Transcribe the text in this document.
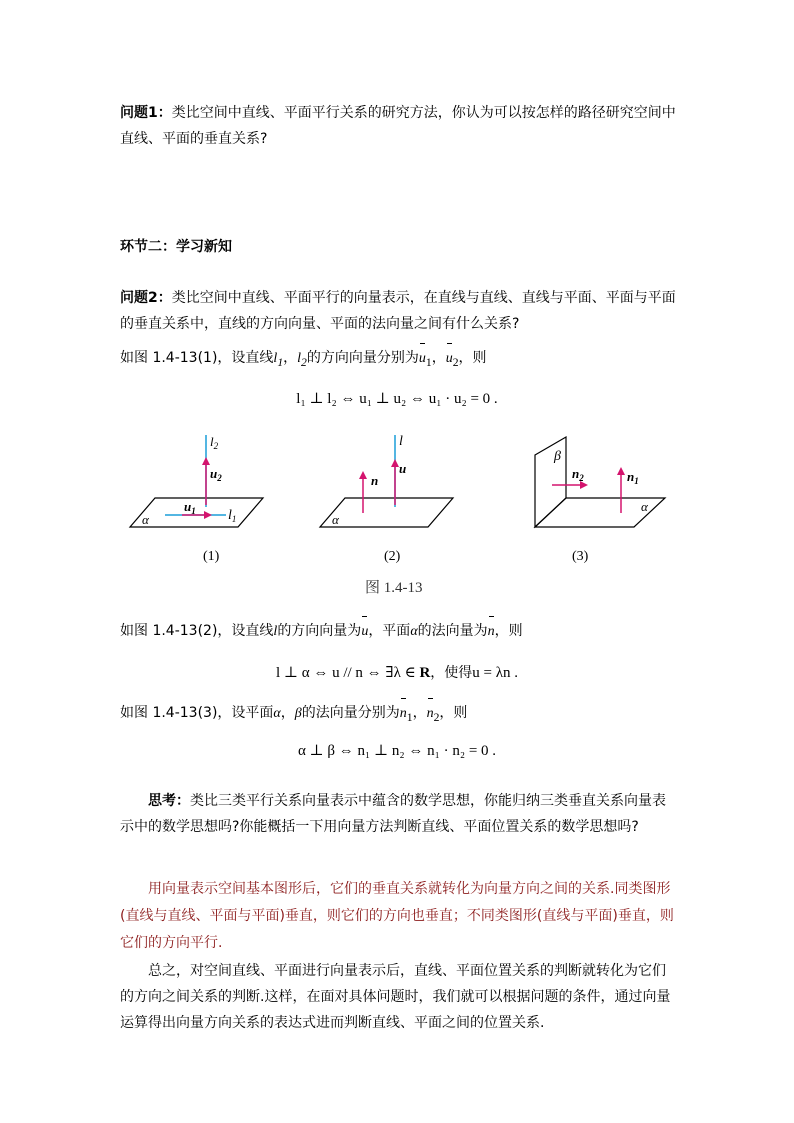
问题1：类比空间中直线、平面平行关系的研究方法，你认为可以按怎样的路径研究空间中直线、平面的垂直关系?
环节二：学习新知
问题2：类比空间中直线、平面平行的向量表示，在直线与直线、直线与平面、平面与平面的垂直关系中，直线的方向向量、平面的法向量之间有什么关系?
如图 1.4-13(1)，设直线$l_1$，$l_2$的方向向量分别为$u_1$，$u_2$，则
l₁ ⊥ l₂ ⇔ u₁ ⊥ u₂ ⇔ u₁ · u₂ = 0 .
$l_2$
$u_2$
$u_1$ $l_1$
α
(1)
l
u
n
α
(2)
β
$n_2$	$n_1$
α
(3)
图 1.4-13
如图 1.4-13(2)，设直线l的方向向量为u，平面α的法向量为n，则
l ⊥ α ⇔ u // n ⇔ ∃λ ∈ R，使得u = λn .
如图 1.4-13(3)，设平面α，β的法向量分别为$n_1$，$n_2$，则
α ⊥ β ⇔ n₁ ⊥ n₂ ⇔ n₁ · n₂ = 0 .
思考：类比三类平行关系向量表示中蕴含的数学思想，你能归纳三类垂直关系向量表示中的数学思想吗?你能概括一下用向量方法判断直线、平面位置关系的数学思想吗?
用向量表示空间基本图形后，它们的垂直关系就转化为向量方向之间的关系.同类图形(直线与直线、平面与平面)垂直，则它们的方向也垂直；不同类图形(直线与平面)垂直，则它们的方向平行.
总之，对空间直线、平面进行向量表示后，直线、平面位置关系的判断就转化为它们的方向之间关系的判断.这样，在面对具体问题时，我们就可以根据问题的条件，通过向量运算得出向量方向关系的表达式进而判断直线、平面之间的位置关系.
